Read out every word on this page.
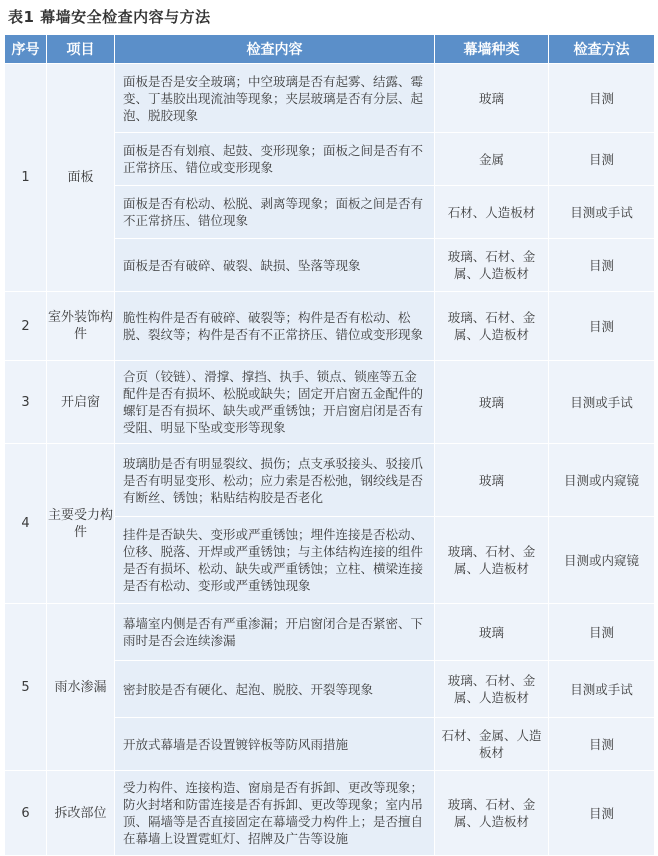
表1 幕墙安全检查内容与方法
序号	项目	检查内容	幕墙种类	检查方法
1	面板	面板是否是安全玻璃；中空玻璃是否有起雾、结露、霉变、丁基胶出现流油等现象；夹层玻璃是否有分层、起泡、脱胶现象	玻璃	目测
		面板是否有划痕、起鼓、变形现象；面板之间是否有不正常挤压、错位或变形现象	金属	目测
		面板是否有松动、松脱、剥离等现象；面板之间是否有不正常挤压、错位现象	石材、人造板材	目测或手试
		面板是否有破碎、破裂、缺损、坠落等现象	玻璃、石材、金属、人造板材	目测
2	室外装饰构件	脆性构件是否有破碎、破裂等；构件是否有松动、松脱、裂纹等；构件是否有不正常挤压、错位或变形现象	玻璃、石材、金属、人造板材	目测
3	开启窗	合页（铰链）、滑撑、撑挡、执手、锁点、锁座等五金配件是否有损坏、松脱或缺失；固定开启窗五金配件的螺钉是否有损坏、缺失或严重锈蚀；开启窗启闭是否有受阻、明显下坠或变形等现象	玻璃	目测或手试
4	主要受力构件	玻璃肋是否有明显裂纹、损伤；点支承驳接头、驳接爪是否有明显变形、松动；应力索是否松弛，钢绞线是否有断丝、锈蚀；粘贴结构胶是否老化	玻璃	目测或内窥镜
		挂件是否缺失、变形或严重锈蚀；埋件连接是否松动、位移、脱落、开焊或严重锈蚀；与主体结构连接的组件是否有损坏、松动、缺失或严重锈蚀；立柱、横梁连接是否有松动、变形或严重锈蚀现象	玻璃、石材、金属、人造板材	目测或内窥镜
5	雨水渗漏	幕墙室内侧是否有严重渗漏；开启窗闭合是否紧密、下雨时是否会连续渗漏	玻璃	目测
		密封胶是否有硬化、起泡、脱胶、开裂等现象	玻璃、石材、金属、人造板材	目测或手试
		开放式幕墙是否设置镀锌板等防风雨措施	石材、金属、人造板材	目测
6	拆改部位	受力构件、连接构造、窗扇是否有拆卸、更改等现象；防火封堵和防雷连接是否有拆卸、更改等现象；室内吊顶、隔墙等是否直接固定在幕墙受力构件上；是否擅自在幕墙上设置霓虹灯、招牌及广告等设施	玻璃、石材、金属、人造板材	目测
